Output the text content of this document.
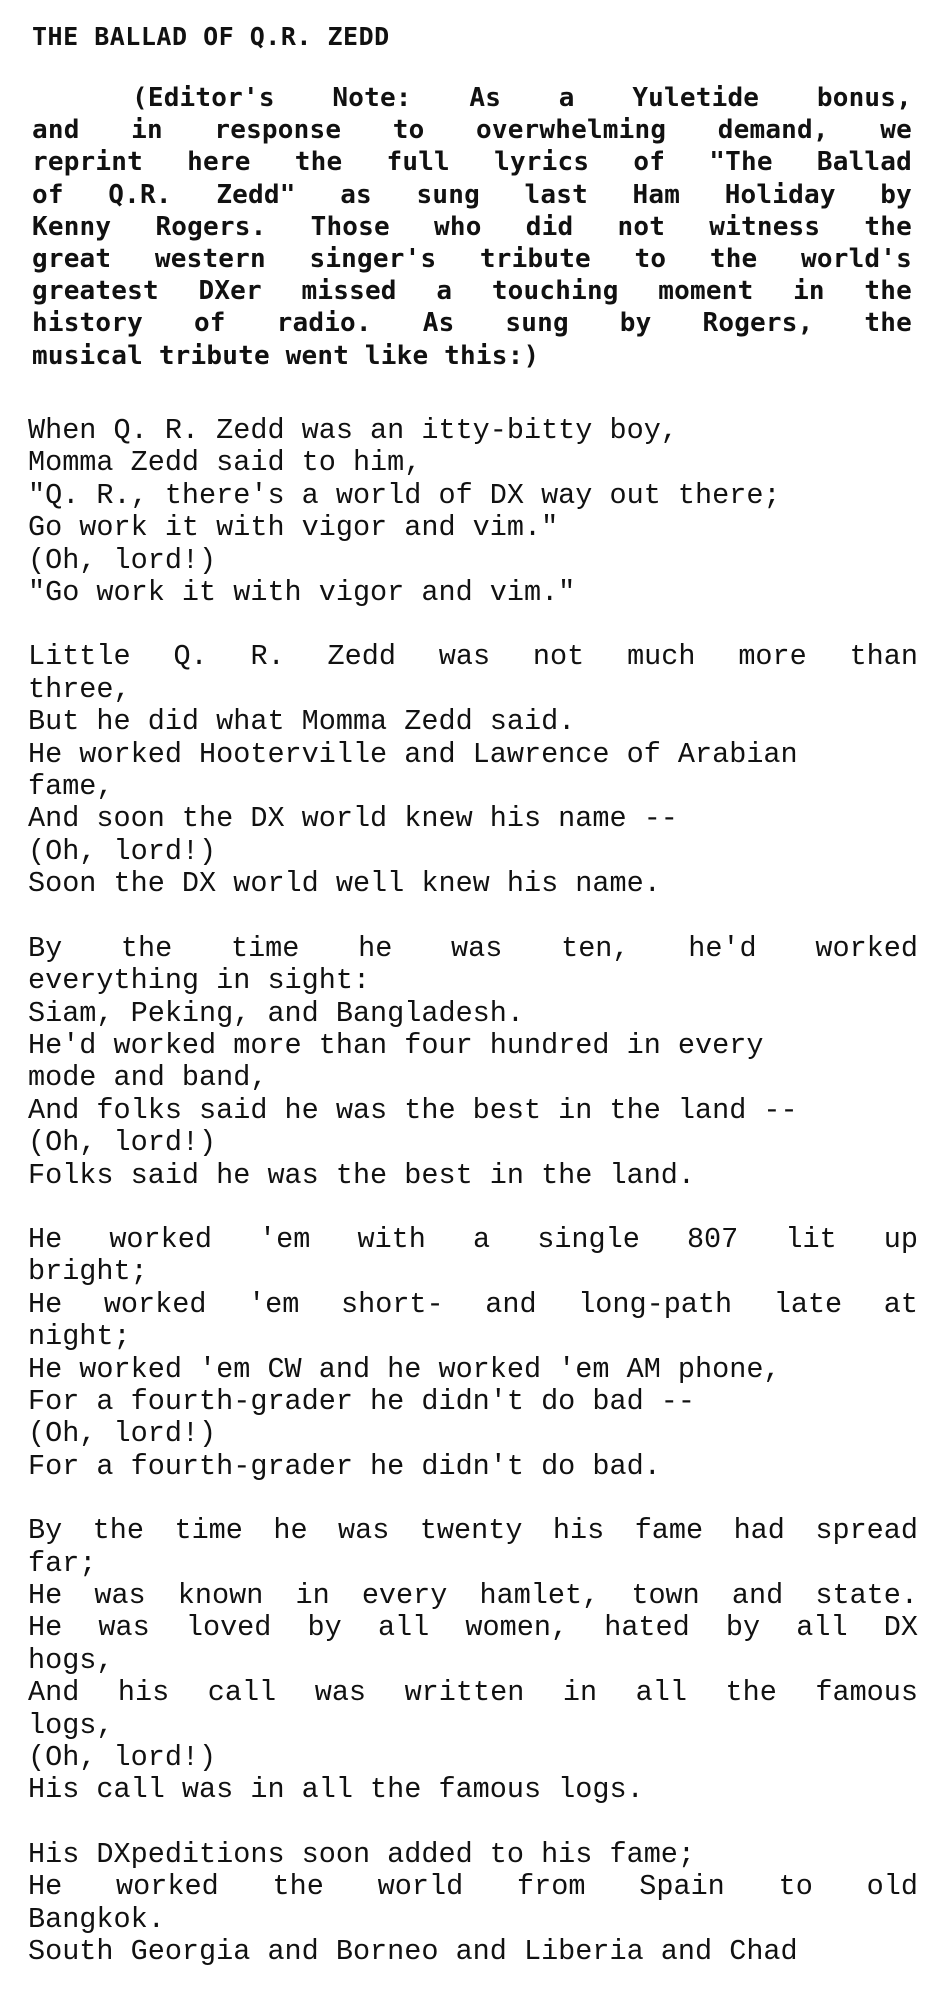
THE BALLAD OF Q.R. ZEDD
(Editor's Note: As a Yuletide bonus,
and in response to overwhelming demand, we
reprint here the full lyrics of "The Ballad
of Q.R. Zedd" as sung last Ham Holiday by
Kenny Rogers. Those who did not witness the
great western singer's tribute to the world's
greatest DXer missed a touching moment in the
history of radio. As sung by Rogers, the
musical tribute went like this:)
When Q. R. Zedd was an itty-bitty boy,
Momma Zedd said to him,
"Q. R., there's a world of DX way out there;
Go work it with vigor and vim."
(Oh, lord!)
"Go work it with vigor and vim."
Little Q. R. Zedd was not much more than
three,
But he did what Momma Zedd said.
He worked Hooterville and Lawrence of Arabian
fame,
And soon the DX world knew his name --
(Oh, lord!)
Soon the DX world well knew his name.
By the time he was ten, he'd worked
everything in sight:
Siam, Peking, and Bangladesh.
He'd worked more than four hundred in every
mode and band,
And folks said he was the best in the land --
(Oh, lord!)
Folks said he was the best in the land.
He worked 'em with a single 807 lit up
bright;
He worked 'em short- and long-path late at
night;
He worked 'em CW and he worked 'em AM phone,
For a fourth-grader he didn't do bad --
(Oh, lord!)
For a fourth-grader he didn't do bad.
By the time he was twenty his fame had spread
far;
He was known in every hamlet, town and state.
He was loved by all women, hated by all DX
hogs,
And his call was written in all the famous
logs,
(Oh, lord!)
His call was in all the famous logs.
His DXpeditions soon added to his fame;
He worked the world from Spain to old
Bangkok.
South Georgia and Borneo and Liberia and Chad
